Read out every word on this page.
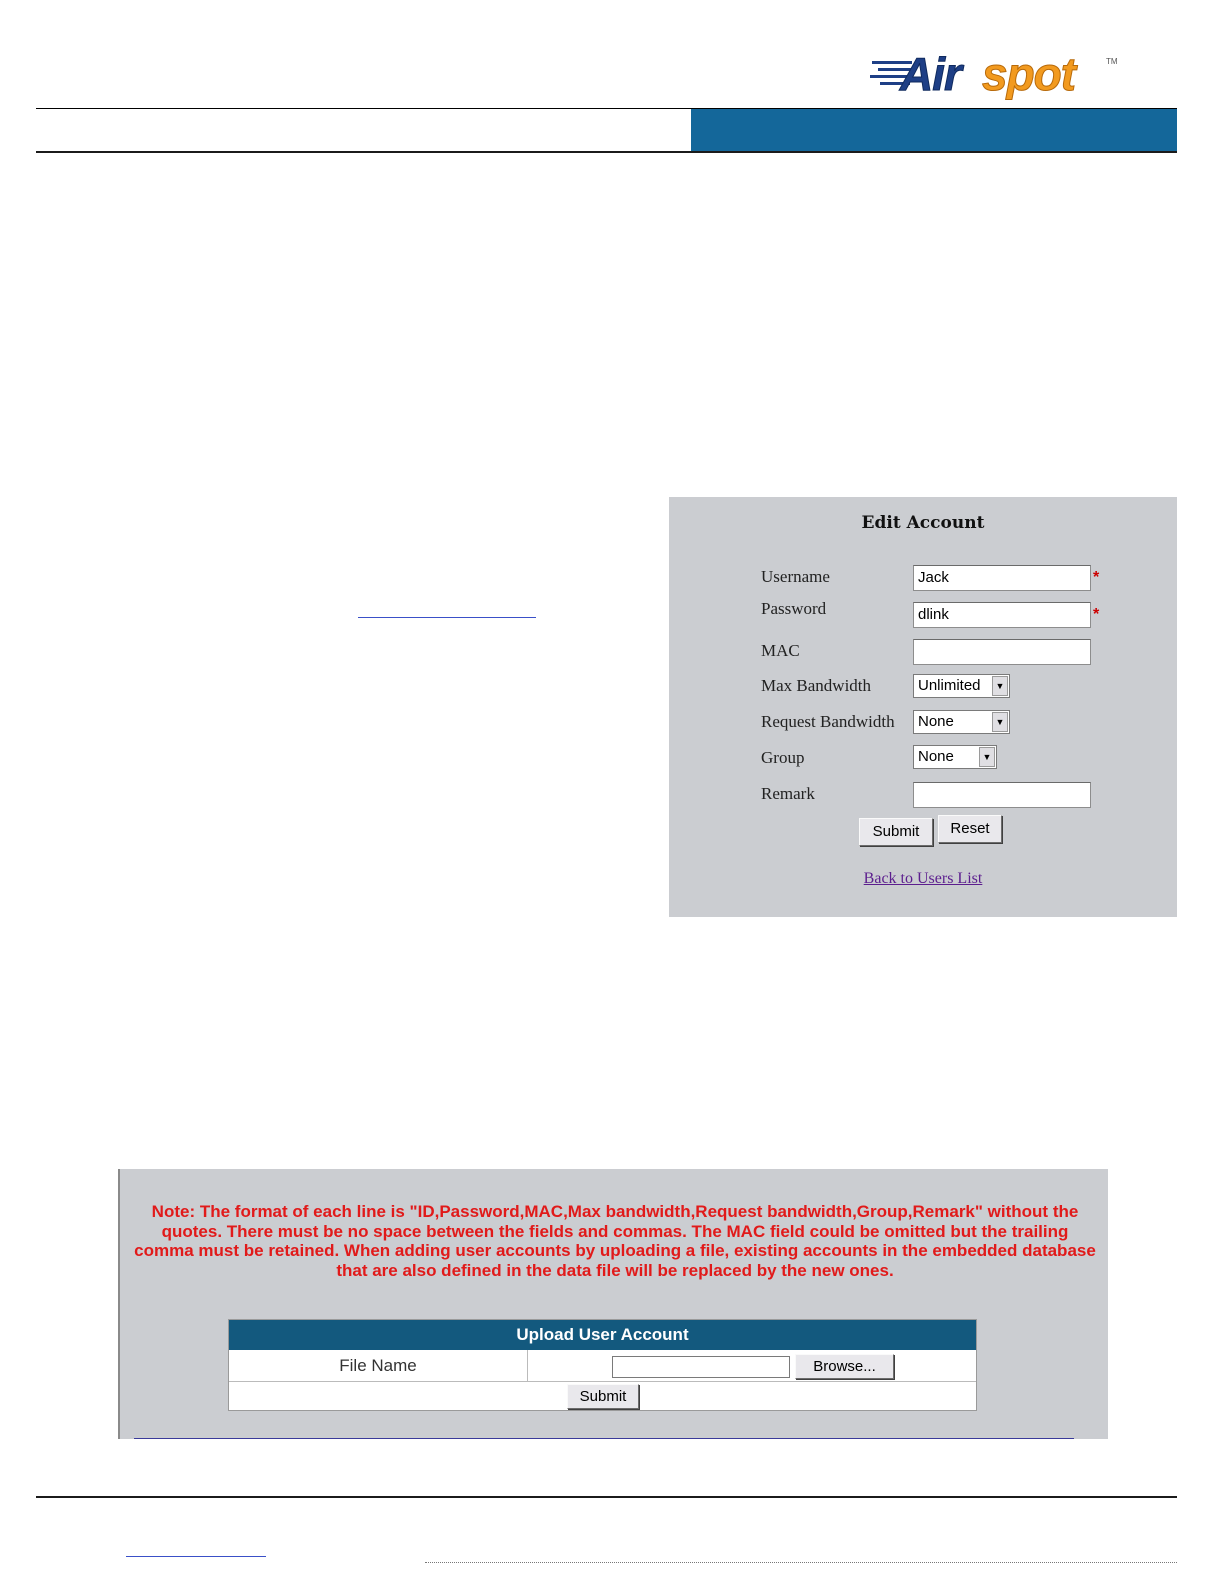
Air spot	TM
Edit Account
Username	Jack	*
Password	dlink	*
MAC
Max Bandwidth	Unlimited	▼
Request Bandwidth	None	▼
Group	None	▼
Remark
Submit	Reset
Back to Users List
Note: The format of each line is "ID,Password,MAC,Max bandwidth,Request bandwidth,Group,Remark" without the quotes. There must be no space between the fields and commas. The MAC field could be omitted but the trailing comma must be retained. When adding user accounts by uploading a file, existing accounts in the embedded database that are also defined in the data file will be replaced by the new ones.
Upload User Account
File Name	Browse...
Submit
